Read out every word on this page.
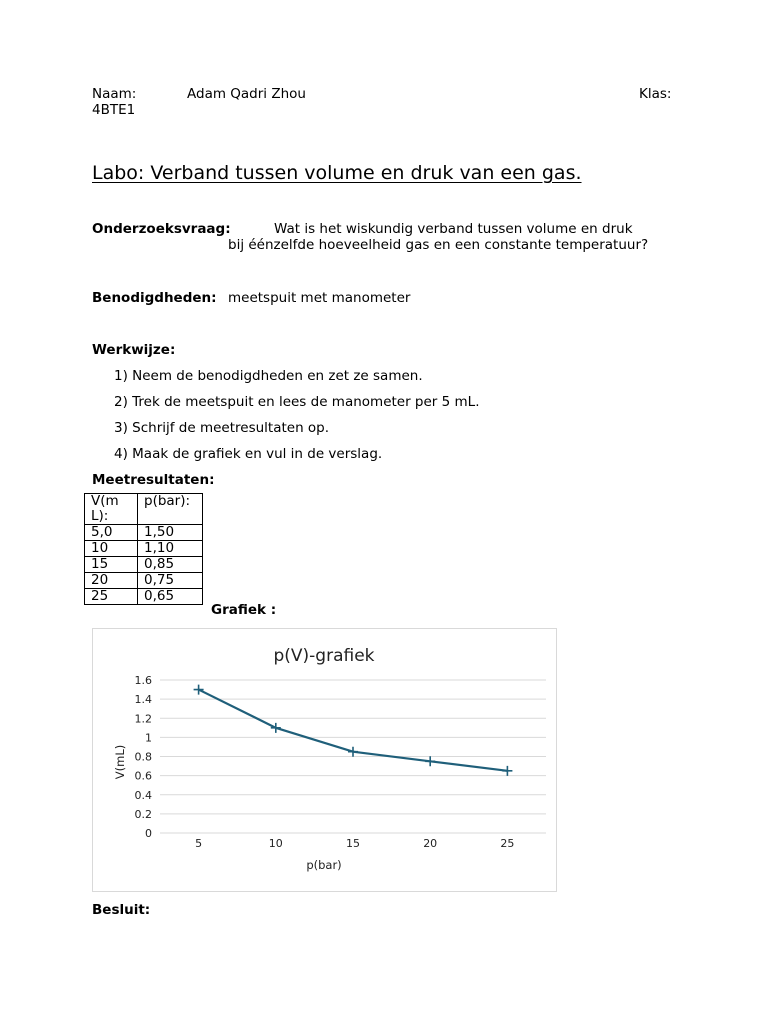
Naam:	Adam Qadri Zhou	Klas:
4BTE1
Labo: Verband tussen volume en druk van een gas.
Onderzoeksvraag:	Wat is het wiskundig verband tussen volume en druk
bij éénzelfde hoeveelheid gas en een constante temperatuur?
Benodigdheden: meetspuit met manometer
Werkwijze:
1) Neem de benodigdheden en zet ze samen.
2) Trek de meetspuit en lees de manometer per 5 mL.
3) Schrijf de meetresultaten op.
4) Maak de grafiek en vul in de verslag.
Meetresultaten:
V(mL):	p(bar):
5,0	1,50
10	1,10
15	0,85
20	0,75
25	0,65
Grafiek :
p(V)-grafiek
0
0.2
0.4
0.6
0.8
1
1.2
1.4
1.6
5	10	15	20	25
p(bar)
V(mL)
Besluit:
